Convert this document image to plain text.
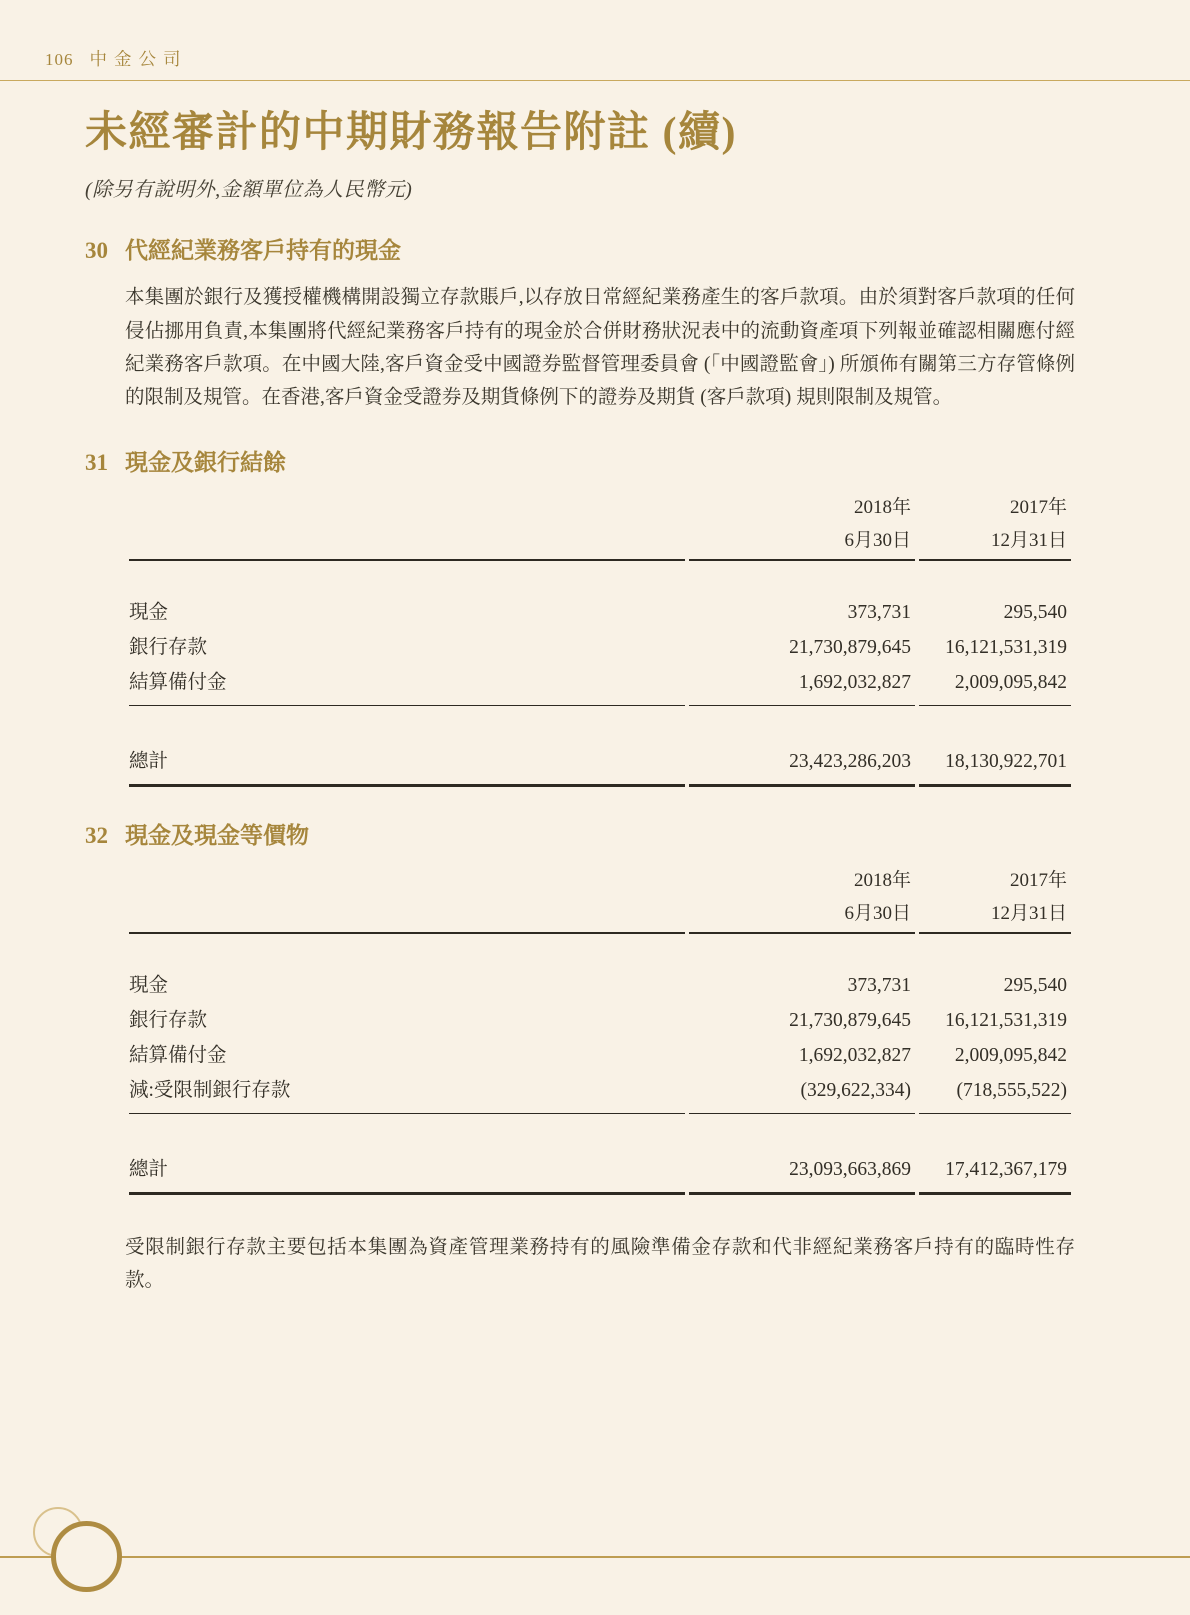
106 中金公司
未經審計的中期財務報告附註 (續)
(除另有說明外,金額單位為人民幣元)
30 代經紀業務客戶持有的現金

本集團於銀行及獲授權機構開設獨立存款賬戶,以存放日常經紀業務產生的客戶款項。由於須對客戶款項的任何侵佔挪用負責,本集團將代經紀業務客戶持有的現金於合併財務狀況表中的流動資產項下列報並確認相關應付經紀業務客戶款項。在中國大陸,客戶資金受中國證券監督管理委員會 (「中國證監會」) 所頒佈有關第三方存管條例的限制及規管。在香港,客戶資金受證券及期貨條例下的證券及期貨 (客戶款項) 規則限制及規管。

31 現金及銀行結餘
	2018年	2017年
	6月30日	12月31日

現金	373,731	295,540
銀行存款	21,730,879,645	16,121,531,319
結算備付金	1,692,032,827	2,009,095,842

總計	23,423,286,203	18,130,922,701
32 現金及現金等價物
	2018年	2017年
	6月30日	12月31日

現金	373,731	295,540
銀行存款	21,730,879,645	16,121,531,319
結算備付金	1,692,032,827	2,009,095,842
減:受限制銀行存款	(329,622,334)	(718,555,522)

總計	23,093,663,869	17,412,367,179

受限制銀行存款主要包括本集團為資產管理業務持有的風險準備金存款和代非經紀業務客戶持有的臨時性存款。
